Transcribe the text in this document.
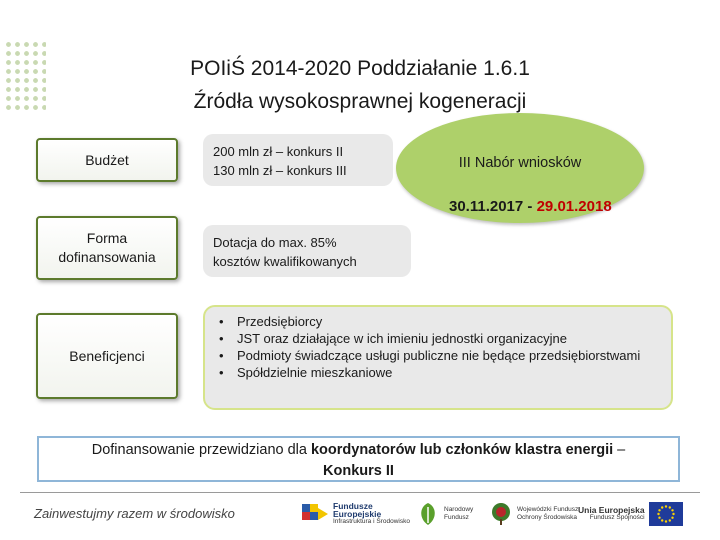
POIiŚ 2014-2020 Poddziałanie 1.6.1
Źródła wysokosprawnej kogeneracji
Budżet	200 mln zł – konkurs II
130 mln zł – konkurs III	III Nabór wniosków
30.11.2017 - 29.01.2018
Forma
dofinansowania
Dotacja do max. 85%
kosztów kwalifikowanych
Beneficjenci
• Przedsiębiorcy
• JST oraz działające w ich imieniu jednostki organizacyjne
• Podmioty świadczące usługi publiczne nie będące przedsiębiorstwami
• Spółdzielnie mieszkaniowe
Dofinansowanie przewidziano dla koordynatorów lub członków klastra energii –
Konkurs II
Zainwestujmy razem w środowisko	Fundusze
Europejskie
Infrastruktura i Środowisko
Narodowy
Fundusz
Wojewódzki Fundusz
Ochrony Środowiska
Unia Europejska
Fundusz Spójności
